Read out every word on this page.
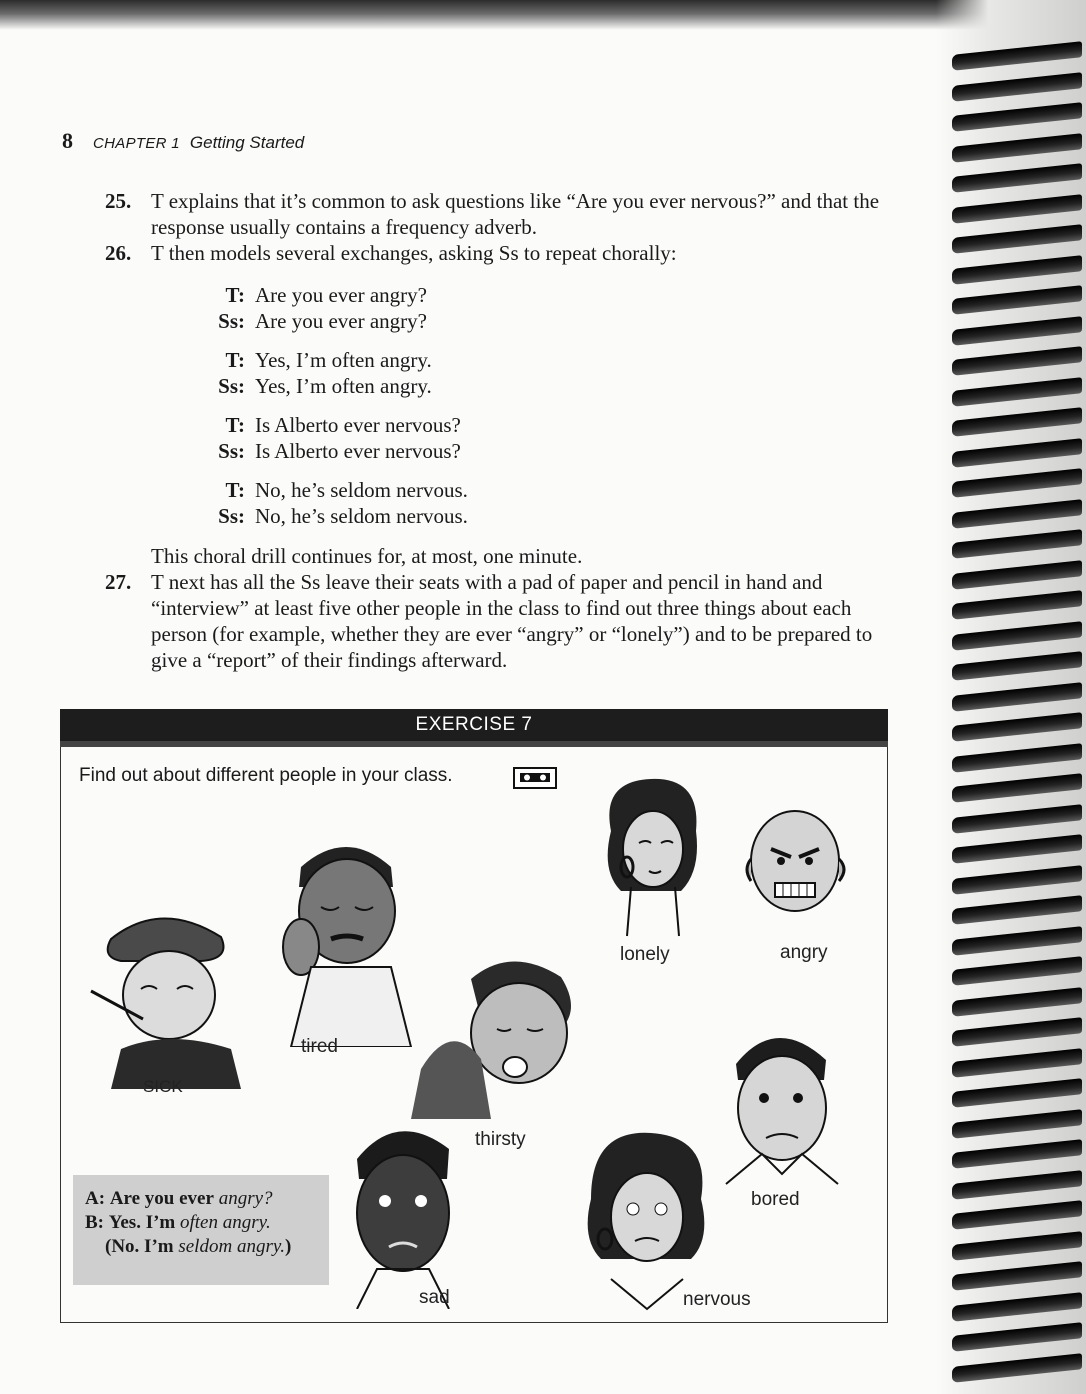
8 CHAPTER 1 Getting Started
25. T explains that it’s common to ask questions like “Are you ever nervous?” and that the response usually contains a frequency adverb.
26. T then models several exchanges, asking Ss to repeat chorally:
T: Are you ever angry?
Ss: Are you ever angry?
T: Yes, I’m often angry.
Ss: Yes, I’m often angry.
T: Is Alberto ever nervous?
Ss: Is Alberto ever nervous?
T: No, he’s seldom nervous.
Ss: No, he’s seldom nervous.
This choral drill continues for, at most, one minute.
27. T next has all the Ss leave their seats with a pad of paper and pencil in hand and “interview” at least five other people in the class to find out three things about each person (for example, whether they are ever “angry” or “lonely”) and to be prepared to give a “report” of their findings afterward.
EXERCISE 7
Find out about different people in your class.
lonely	angry
tired
SICK
thirsty
bored
sad	nervous
A: Are you ever angry?
B: Yes. I’m often angry.
(No. I’m seldom angry.)
